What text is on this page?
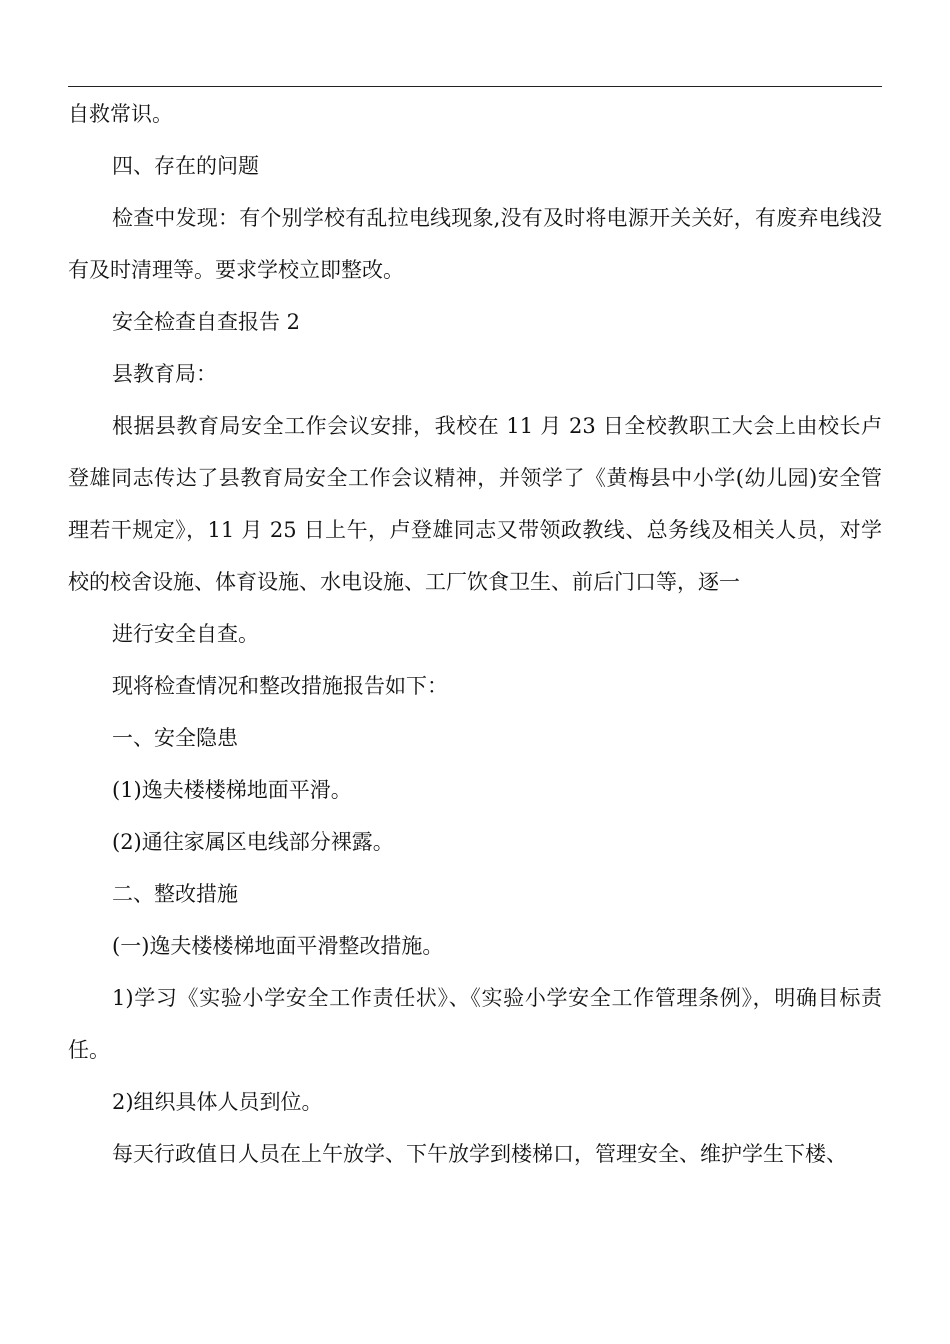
自救常识。

四、存在的问题

检查中发现：有个别学校有乱拉电线现象,没有及时将电源开关关好，有废弃电线没有及时清理等。要求学校立即整改。

安全检查自查报告 2

县教育局：

根据县教育局安全工作会议安排，我校在 11 月 23 日全校教职工大会上由校长卢登雄同志传达了县教育局安全工作会议精神，并领学了《黄梅县中小学(幼儿园)安全管理若干规定》，11 月 25 日上午，卢登雄同志又带领政教线、总务线及相关人员，对学校的校舍设施、体育设施、水电设施、工厂饮食卫生、前后门口等，逐一

进行安全自查。

现将检查情况和整改措施报告如下：

一、安全隐患

(1)逸夫楼楼梯地面平滑。

(2)通往家属区电线部分裸露。

二、整改措施

(一)逸夫楼楼梯地面平滑整改措施。

1)学习《实验小学安全工作责任状》、《实验小学安全工作管理条例》，明确目标责任。

2)组织具体人员到位。

每天行政值日人员在上午放学、下午放学到楼梯口，管理安全、维护学生下楼、
